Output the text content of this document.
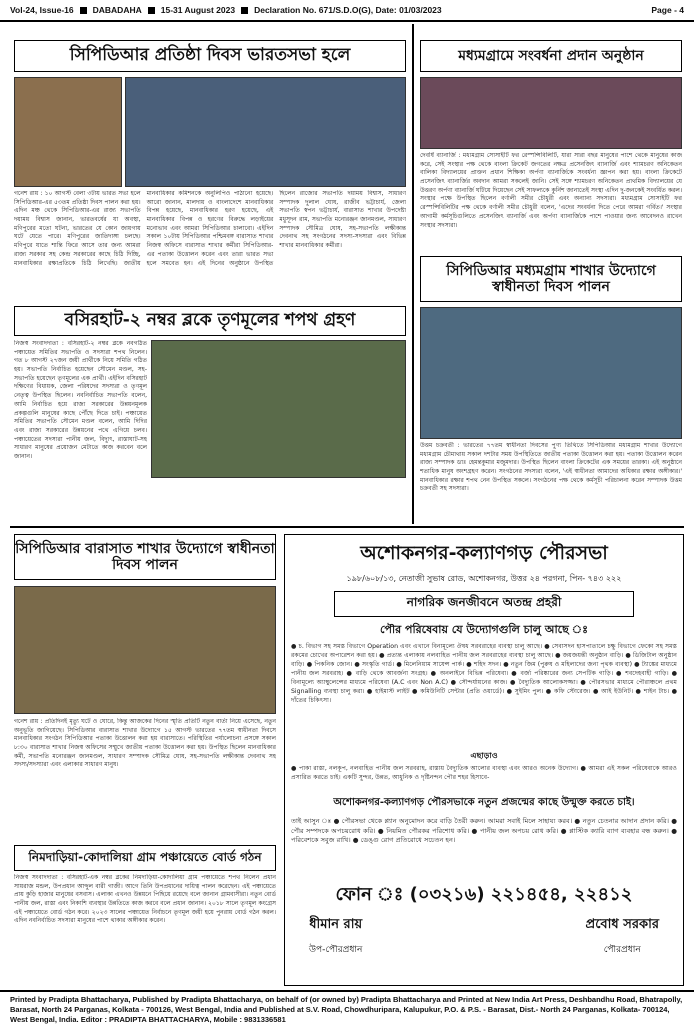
Vol-24, Issue-16 DABADAHA 15-31 August 2023 Declaration No. 671/S.D.O(G), Date: 01/03/2023	Page - 4
সিপিডিআর প্রতিষ্ঠা দিবস ভারতসভা হলে
গনেশ রায় : ১০ আগস্ট বেলা ৩টায় ভারত সভা হলে সিপিডিআর-এর ৫৩তম প্রতিষ্ঠা দিবস পালন করা হয়। এদিন মঞ্চ থেকে সিপিডিআর-এর রাজ্য সভাপতি দয়াময় বিশ্বাস জানান, ভারতবর্ষের যা অবস্থা, মণিপুরের মতো ঘটনা, ভারতের যে কোন জায়গায় ঘটে যেতে পারে। মণিপুরের জাতিদাঙ্গা চলছে। মণিপুরে যাতে শান্তি ফিরে আসে তার জন্য আমরা রাজ্য সরকার সহ কেন্দ্র সরকারের কাছে চিঠি দিচ্ছি, মানবাধিকার রক্ষাপ্রতিকে চিঠি লিখেছি। জাতীয় মানবাধিকার কমিশনকে অনুলিপিও পাঠানো হয়েছে। আরো জানান, মালদায় ও বাংলাদেশে মানবাধিকার বিপন্ন হয়েছে, মানবাধিকার হরণ হয়েছে, এই মানবাধিকার বিপন্ন ও হরণের বিরুদ্ধে লড়াইয়ের মনোভাব এবং আমরা সিপিডিআর চালাবো। এইদিন সকাল ১০টায় সিপিডিআর পশ্চিমবঙ্গ বারাসাত শাখার নিজস্ব অফিসে বারাসাত শাখার কর্মীরা সিপিডিআর-এর পতাকা উত্তোলন করেন এবং তারা ভারত সভা হলে সমবেত হন। এই দিনের অনুষ্ঠানে উপস্থিত ছিলেন রাজ্যের সভাপতি দয়াময় বিশ্বাস, সাধারণ সম্পাদক দুলাল ঘোষ, রাজীব ভট্টাচার্য, জেলা সভাপতি স্বপন ভট্টাচার্য, বারাসাত শাখার উপদেষ্টা মধুসূদন রাম, সভাপতি মনোরঞ্জন জানমণ্ডল, সাধারণ সম্পাদক সৌমিত্র ঘোষ, সহ-সভাপতি লক্ষীকান্ত দেবনাথ সহ সংগঠনের সদস্য-সদস্যরা এবং বিভিন্ন শাখার মানবাধিকার কর্মীরা।
মধ্যমগ্রামে সংবর্ধনা প্রদান অনুষ্ঠান
দেবর্ষি ব্যানার্জি : মধ্যমগ্রাম সোসাইটি ফর রেস্পন্সিবিলিটি, যারা সারা বছর মানুষের পাশে থেকে মানুষের কাজ করে, সেই সংস্থার পক্ষ থেকে বাংলা ক্রিকেট জগতের নক্ষত্র প্রসেনজিৎ ব্যানার্জি এবং শ্যামচরণ অনিকেতন বালিকা বিদ্যালয়ের প্রাক্তন প্রধান শিক্ষিকা অর্পণা ব্যানার্জিকে সংবর্ধনা জ্ঞাপন করা হয়। বাংলা ক্রিকেটে প্রসেনজিৎ ব্যানার্জির অবদান আমরা সকলেই জানি। সেই সঙ্গে শ্যামচরণ অনিকেতন প্রাথমিক বিদ্যালয়ের যে উত্তরণ অর্পণা ব্যানার্জি ঘটিয়ে দিয়েছেন সেই সাফল্যকে কুর্নিশ জানাতেই সংস্থা এদিন দু-জনকেই সংবর্ধিত করল। সংস্থার পক্ষে উপস্থিত ছিলেন বর্ণালী সমীর চৌধুরী এবং অন্যান্য সদস্যরা। মধ্যমগ্রাম সোসাইটি ফর রেস্পন্সিবিলিটির পক্ষ থেকে বর্ণালী সমীর চৌধুরী বলেন, 'এদের সংবর্ধনা দিতে পেরে আমরা গর্বিত।' সংস্থার আগামী কর্মসূচিগুলিতে প্রসেনজিৎ ব্যানার্জি এবং অর্পণা ব্যানার্জিকে পাশে পাওয়ার জন্য আবেদনও রাখেন সংস্থার সদস্যরা।
বসিরহাট-২ নম্বর ব্লকে তৃণমূলের শপথ গ্রহণ
নিজস্ব সংবাদদাতা : বসিরহাট-২ নম্বর ব্লকে নবগঠিত পঞ্চায়েত সমিতির সভাপতি ও সদস্যরা শপথ নিলেন। গত ৮ আগস্ট ২৭জন জয়ী প্রার্থীকে নিয়ে সমিতি গঠিত হয়। সভাপতি নির্বাচিত হয়েছেন সৌমেন মণ্ডল, সহ-সভাপতি হয়েছেন তৃণমূলের এক প্রার্থী। এইদিন বসিরহাট দক্ষিণের বিধায়ক, জেলা পরিষদের সদস্যরা ও তৃণমূল নেতৃত্ব উপস্থিত ছিলেন। নবনির্বাচিত সভাপতি বলেন, আমি নির্বাচিত হয়ে রাজ্য সরকারের উন্নয়নমূলক প্রকল্পগুলি মানুষের কাছে পৌঁছে দিতে চাই। পঞ্চায়েত সমিতির সভাপতি সৌমেন মণ্ডল বলেন, আমি দিদির এবং রাজ্য সরকারের উন্নয়নের পথে এগিয়ে চলব। পঞ্চায়েতের সদস্যরা পানীয় জল, বিদ্যুৎ, রাস্তাঘাট-সহ সাধারণ মানুষের প্রয়োজন মেটাতে কাজ করবেন বলে জানান।
সিপিডিআর মধ্যমগ্রাম শাখার উদ্যোগে স্বাধীনতা দিবস পালন
উত্তম চক্রবর্তী : ভারতের ৭৭তম স্বাধীনতা দিবসের পুণ্য তিথিতে সিপিডিআর মধ্যমগ্রাম শাখার উদ্যোগে মধ্যমগ্রাম চৌমাথায় সকাল দশটার সময় উপস্থিতিতে জাতীয় পতাকা উত্তোলন করা হয়। পতাকা উত্তোলন করেন রাজ্য সম্পাদক ডাঃ হেমন্তকুমার মজুমদার। উপস্থিত ছিলেন বাংলা ক্রিকেটের এক সময়ের তারকা। এই অনুষ্ঠানে শতাধিক মানুষ অংশগ্রহণ করেন। সংগঠনের সদস্যরা বলেন, 'এই স্বাধীনতা আমাদের অধিকার রক্ষার অঙ্গীকার।' মানবাধিকার রক্ষার শপথ নেন উপস্থিত সকলে। সংগঠনের পক্ষ থেকে কর্মসূচী পরিচালনা করেন সম্পাদক উত্তম চক্রবর্তী সহ সদস্যরা।
সিপিডিআর বারাসাত শাখার উদ্যোগে স্বাধীনতা দিবস পালন
গনেশ রায় : প্রতিদিনই মৃত্যু ঘটে ও ঘোরে, কিন্তু আজকের দিনের স্মৃতি প্রতিটি নতুন বার্তা নিয়ে এসেছে, নতুন অনুভূতি জাগিয়েছে। সিপিডিআর বারাসাত শাখার উদ্যোগে ১৫ আগস্ট ভারতের ৭৭তম স্বাধীনতা দিবসে মানবাধিকার সংগঠন সিপিডিআর পতাকা উত্তোলন করা হয় বারাসাতে। পরিস্থিতির পর্যালোচনা প্রসঙ্গে সকাল ৮:৩০ বারাসাত শাখার নিজস্ব অফিসের সম্মুখে জাতীয় পতাকা উত্তোলন করা হয়। উপস্থিত ছিলেন মানবাধিকার কর্মী, সভাপতি মনোরঞ্জন জানমণ্ডল, সাধারণ সম্পাদক সৌমিত্র ঘোষ, সহ-সভাপতি লক্ষীকান্ত দেবনাথ সহ সদস্য/সদস্যারা এবং এলাকার সাধারণ মানুষ।
নিমদাড়িয়া-কোদালিয়া গ্রাম পঞ্চায়েতে বোর্ড গঠন
নিজস্ব সংবাদদাতা : বসিরহাট-এক নম্বর ব্লকের নিমদাড়িয়া-কোদালিয়া গ্রাম পঞ্চায়েতে শপথ নিলেন প্রধান সায়রাজ মন্ডল, উপপ্রধান আব্দুল বারী গাজী। আগে তিনি উপপ্রধানের দায়িত্ব পালন করেছেন। এই পঞ্চায়েতে প্রায় কুড়ি হাজার মানুষের বসবাস। এলাকা এখনও উন্নয়নে পিছিয়ে রয়েছে বলে জানান গ্রামবাসীরা। নতুন বোর্ড পানীয় জল, রাস্তা এবং নিকাশি ব্যবস্থার উন্নতিতে কাজ করবে বলে প্রধান জানান। ২০১৮ সালে তৃণমূল কংগ্রেস এই পঞ্চায়েতে বোর্ড গঠন করে। ২০২৩ সালের পঞ্চায়েত নির্বাচনে তৃণমূল জয়ী হয়ে পুনরায় বোর্ড গঠন করল। এদিন নবনির্বাচিত সদস্যরা মানুষের পাশে থাকার অঙ্গীকার করেন।
অশোকনগর-কল্যাণগড় পৌরসভা
১৯৮/৬০৮/১৩, নেতাজী সুভাষ রোড, অশোকনগর, উত্তর ২৪ পরগনা, পিন- ৭৪৩ ২২২
নাগরিক জনজীবনে অতন্দ্র প্রহরী
পৌর পরিষেবায় যে উদ্যোগগুলি চালু আছে ঃ
● চ. বিভাগ সহ সমস্ত বিভাগে Operation এবং এখানে বিনামূল্যে ঔষধ সরবরাহের ব্যবস্থা চালু আছে। ● সেবাসদন হাসপাতালে চক্ষু বিভাগে ফেকো সহ সমস্ত রকমের চোখের অপারেশন করা হয়। ● প্রত্যন্ত এলাকায় নলবাহিত পানীয় জল সরবরাহের ব্যবস্থা চালু আছে। ● জয়জয়ন্তী অনুষ্ঠান বাড়ি। ● ডিজিটাল অনুষ্ঠান বাড়ি। ● পিকনিক জোন। ● সংস্কৃতি গার্ড। ● মিলেনিয়াম সাযেন্স পার্ক। ● শহিদ সদন। ● নতুন জিম (পুরুষ ও মহিলাদের জন্য পৃথক ব্যবস্থা) ● ট্যাঙ্কের মাধ্যমে পানীয় জল সরবরাহ। ● বাড়ি থেকে আবর্জনা সংগ্রহ। ● অনলাইনে বিভিন্ন পরিষেবা। ● বর্জ্য পরিষ্কারের জন্য সেপটিক গাড়ি। ● শবদেহবাহী গাড়ি। ● বিনামূল্যে অ্যাম্বুলেন্সের মাধ্যমে পরিষেবা (A.C এবং Non A.C) ● সৌন্দর্যায়নের কাজ। ● বৈদ্যুতিক আলোকসজ্জা। ● পৌরসভার মাধ্যমে পৌরাঞ্চলে প্রথম Signalling ব্যবস্থা চালু করা। ● হাইমাস্ট লাইট ● কমিউনিটি সেন্টার (প্রতি ওয়ার্ডে)। ● সুইমিং পুল। ● কফি স্টোরেজ। ● আই ইউনিট। ● শাইন টাচ। ● দাঁতের চিকিৎসা।
এছাড়াও
● পাকা রাস্তা, নলকূপ, নলবাহিত পানীয় জল সরবরাহ, রাস্তায় বৈদ্যুতিক আলোর ব্যবস্থা এবং আরও অনেক উদ্যোগ। ● আমরা এই সকল পরিষেবাকে আরও প্রসারিত করতে চাই। একটি সুন্দর, উন্নত, আধুনিক ও দৃষ্টিনন্দন পৌর শহর হিসাবে-
অশোকনগর-কল্যাণগড় পৌরসভাকে নতুন প্রজন্মের কাছে উন্মুক্ত করতে চাই।
তাই আসুন ঃ ● পৌরসভা থেকে প্ল্যান অনুমোদন করে বাড়ি তৈরী করুন। আমরা সবাই মিলে সাহায্য করব। ● নতুন চেতনার আদান প্রদান করি। ● পৌর সম্পদকে অপচয়রোধ করি। ● নিয়মিত পৌরকর পরিশোধ করি। ● পানীয় জল অপচয় রোধ করি। ● প্লাস্টিক ক্যারি ব্যাগ ব্যবহার বন্ধ করুন। ● পরিবেশকে সবুজ রাখি। ● ডেঙ্গু রোগ প্রতিরোধে সচেতন হন।
ফোন ঃ (০৩২১৬) ২২১৪৫৪, ২২৪১২
ধীমান রায়
উপ-পৌরপ্রধান
প্রবোধ সরকার
পৌরপ্রধান
Printed by Pradipta Bhattacharya, Published by Pradipta Bhattacharya, on behalf of (or owned by) Pradipta Bhattacharya and Printed at New India Art Press, Deshbandhu Road, Bhatrapolly, Barasat, North 24 Parganas, Kolkata - 700126, West Bengal, India and Published at S.V. Road, Chowdhuripara, Kalupukur, P.O. & P.S. - Barasat, Dist.- North 24 Parganas, Kolkata- 700124, West Bengal, India. Editor : PRADIPTA BHATTACHARYA, Mobile : 9831336581
